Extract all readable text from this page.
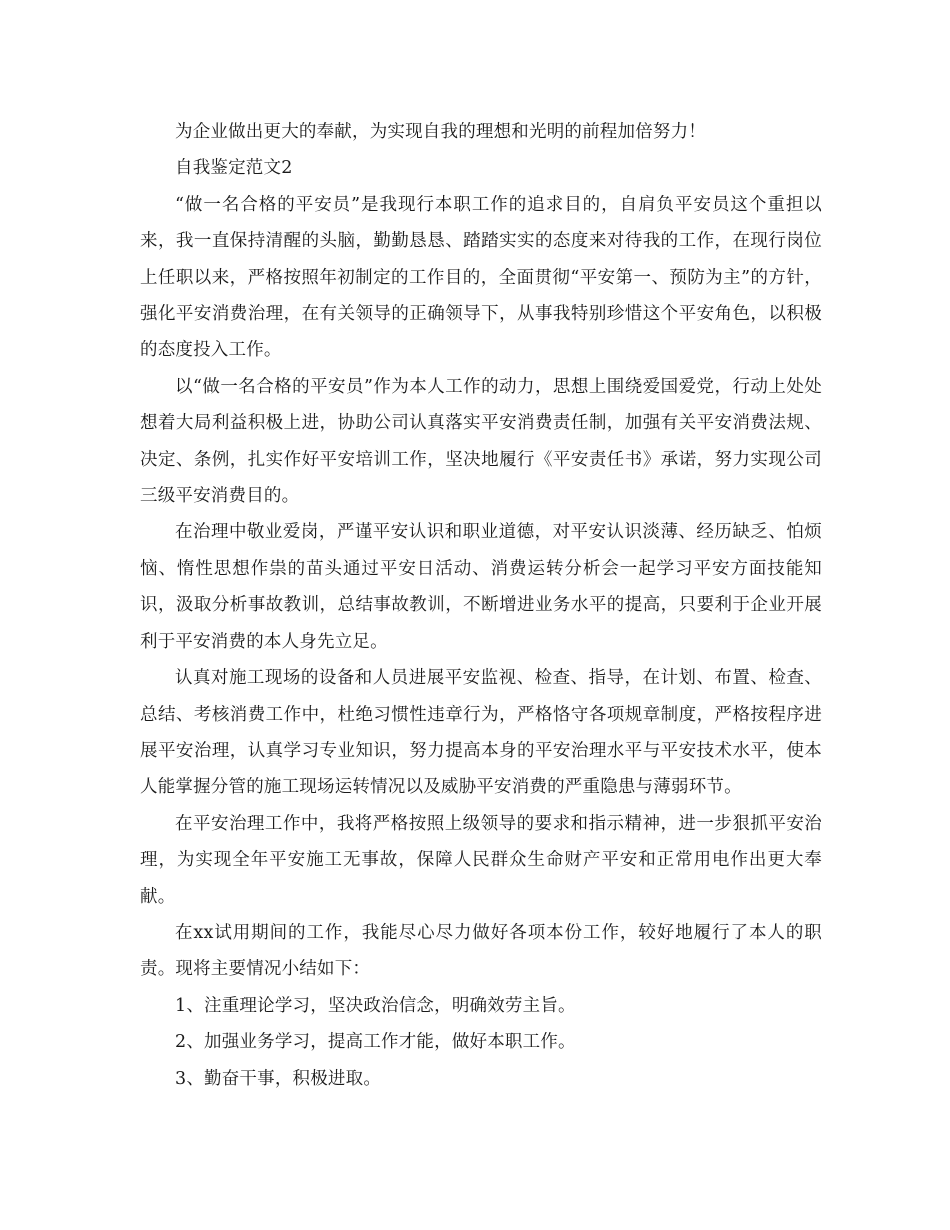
为企业做出更大的奉献，为实现自我的理想和光明的前程加倍努力！

自我鉴定范文2

“做一名合格的平安员”是我现行本职工作的追求目的，自肩负平安员这个重担以来，我一直保持清醒的头脑，勤勤恳恳、踏踏实实的态度来对待我的工作，在现行岗位上任职以来，严格按照年初制定的工作目的，全面贯彻“平安第一、预防为主”的方针，强化平安消费治理，在有关领导的正确领导下，从事我特别珍惜这个平安角色，以积极的态度投入工作。

以“做一名合格的平安员”作为本人工作的动力，思想上围绕爱国爱党，行动上处处想着大局利益积极上进，协助公司认真落实平安消费责任制，加强有关平安消费法规、决定、条例，扎实作好平安培训工作，坚决地履行《平安责任书》承诺，努力实现公司三级平安消费目的。

在治理中敬业爱岗，严谨平安认识和职业道德，对平安认识淡薄、经历缺乏、怕烦恼、惰性思想作祟的苗头通过平安日活动、消费运转分析会一起学习平安方面技能知识，汲取分析事故教训，总结事故教训，不断增进业务水平的提高，只要利于企业开展利于平安消费的本人身先立足。

认真对施工现场的设备和人员进展平安监视、检查、指导，在计划、布置、检查、总结、考核消费工作中，杜绝习惯性违章行为，严格恪守各项规章制度，严格按程序进展平安治理，认真学习专业知识，努力提高本身的平安治理水平与平安技术水平，使本人能掌握分管的施工现场运转情况以及威胁平安消费的严重隐患与薄弱环节。

在平安治理工作中，我将严格按照上级领导的要求和指示精神，进一步狠抓平安治理，为实现全年平安施工无事故，保障人民群众生命财产平安和正常用电作出更大奉献。

在xx试用期间的工作，我能尽心尽力做好各项本份工作，较好地履行了本人的职责。现将主要情况小结如下：

1、注重理论学习，坚决政治信念，明确效劳主旨。

2、加强业务学习，提高工作才能，做好本职工作。

3、勤奋干事，积极进取。
